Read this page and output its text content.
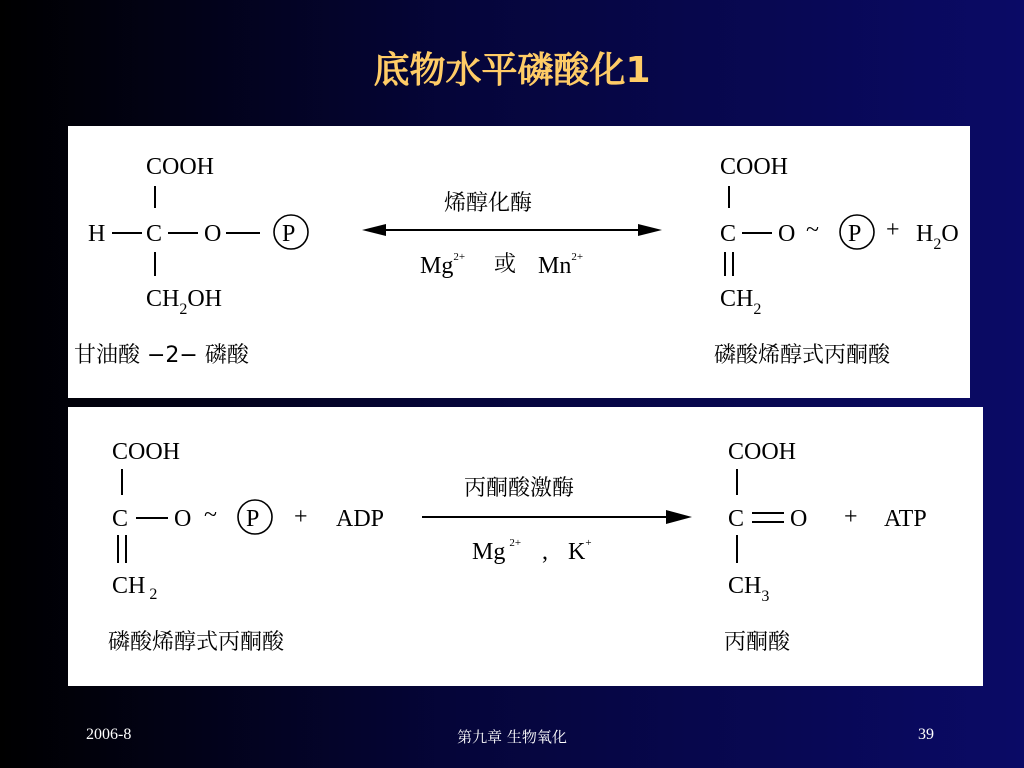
底物水平磷酸化1
COOH
H C O	P
$CH_2OH$
甘油酸 −2− 磷酸
烯醇化酶
$Mg^{2+}$ 或 $Mn^{2+}$
COOH
C O ~ $P + H_2O$
$CH_2$
磷酸烯醇式丙酮酸
COOH
C O ~ P + ADP
CH $_2$
磷酸烯醇式丙酮酸
丙酮酸激酶
Mg $^{2+}$ , K+
COOH
C O + ATP
$CH_3$
丙酮酸
2006-8	第九章 生物氧化	39
